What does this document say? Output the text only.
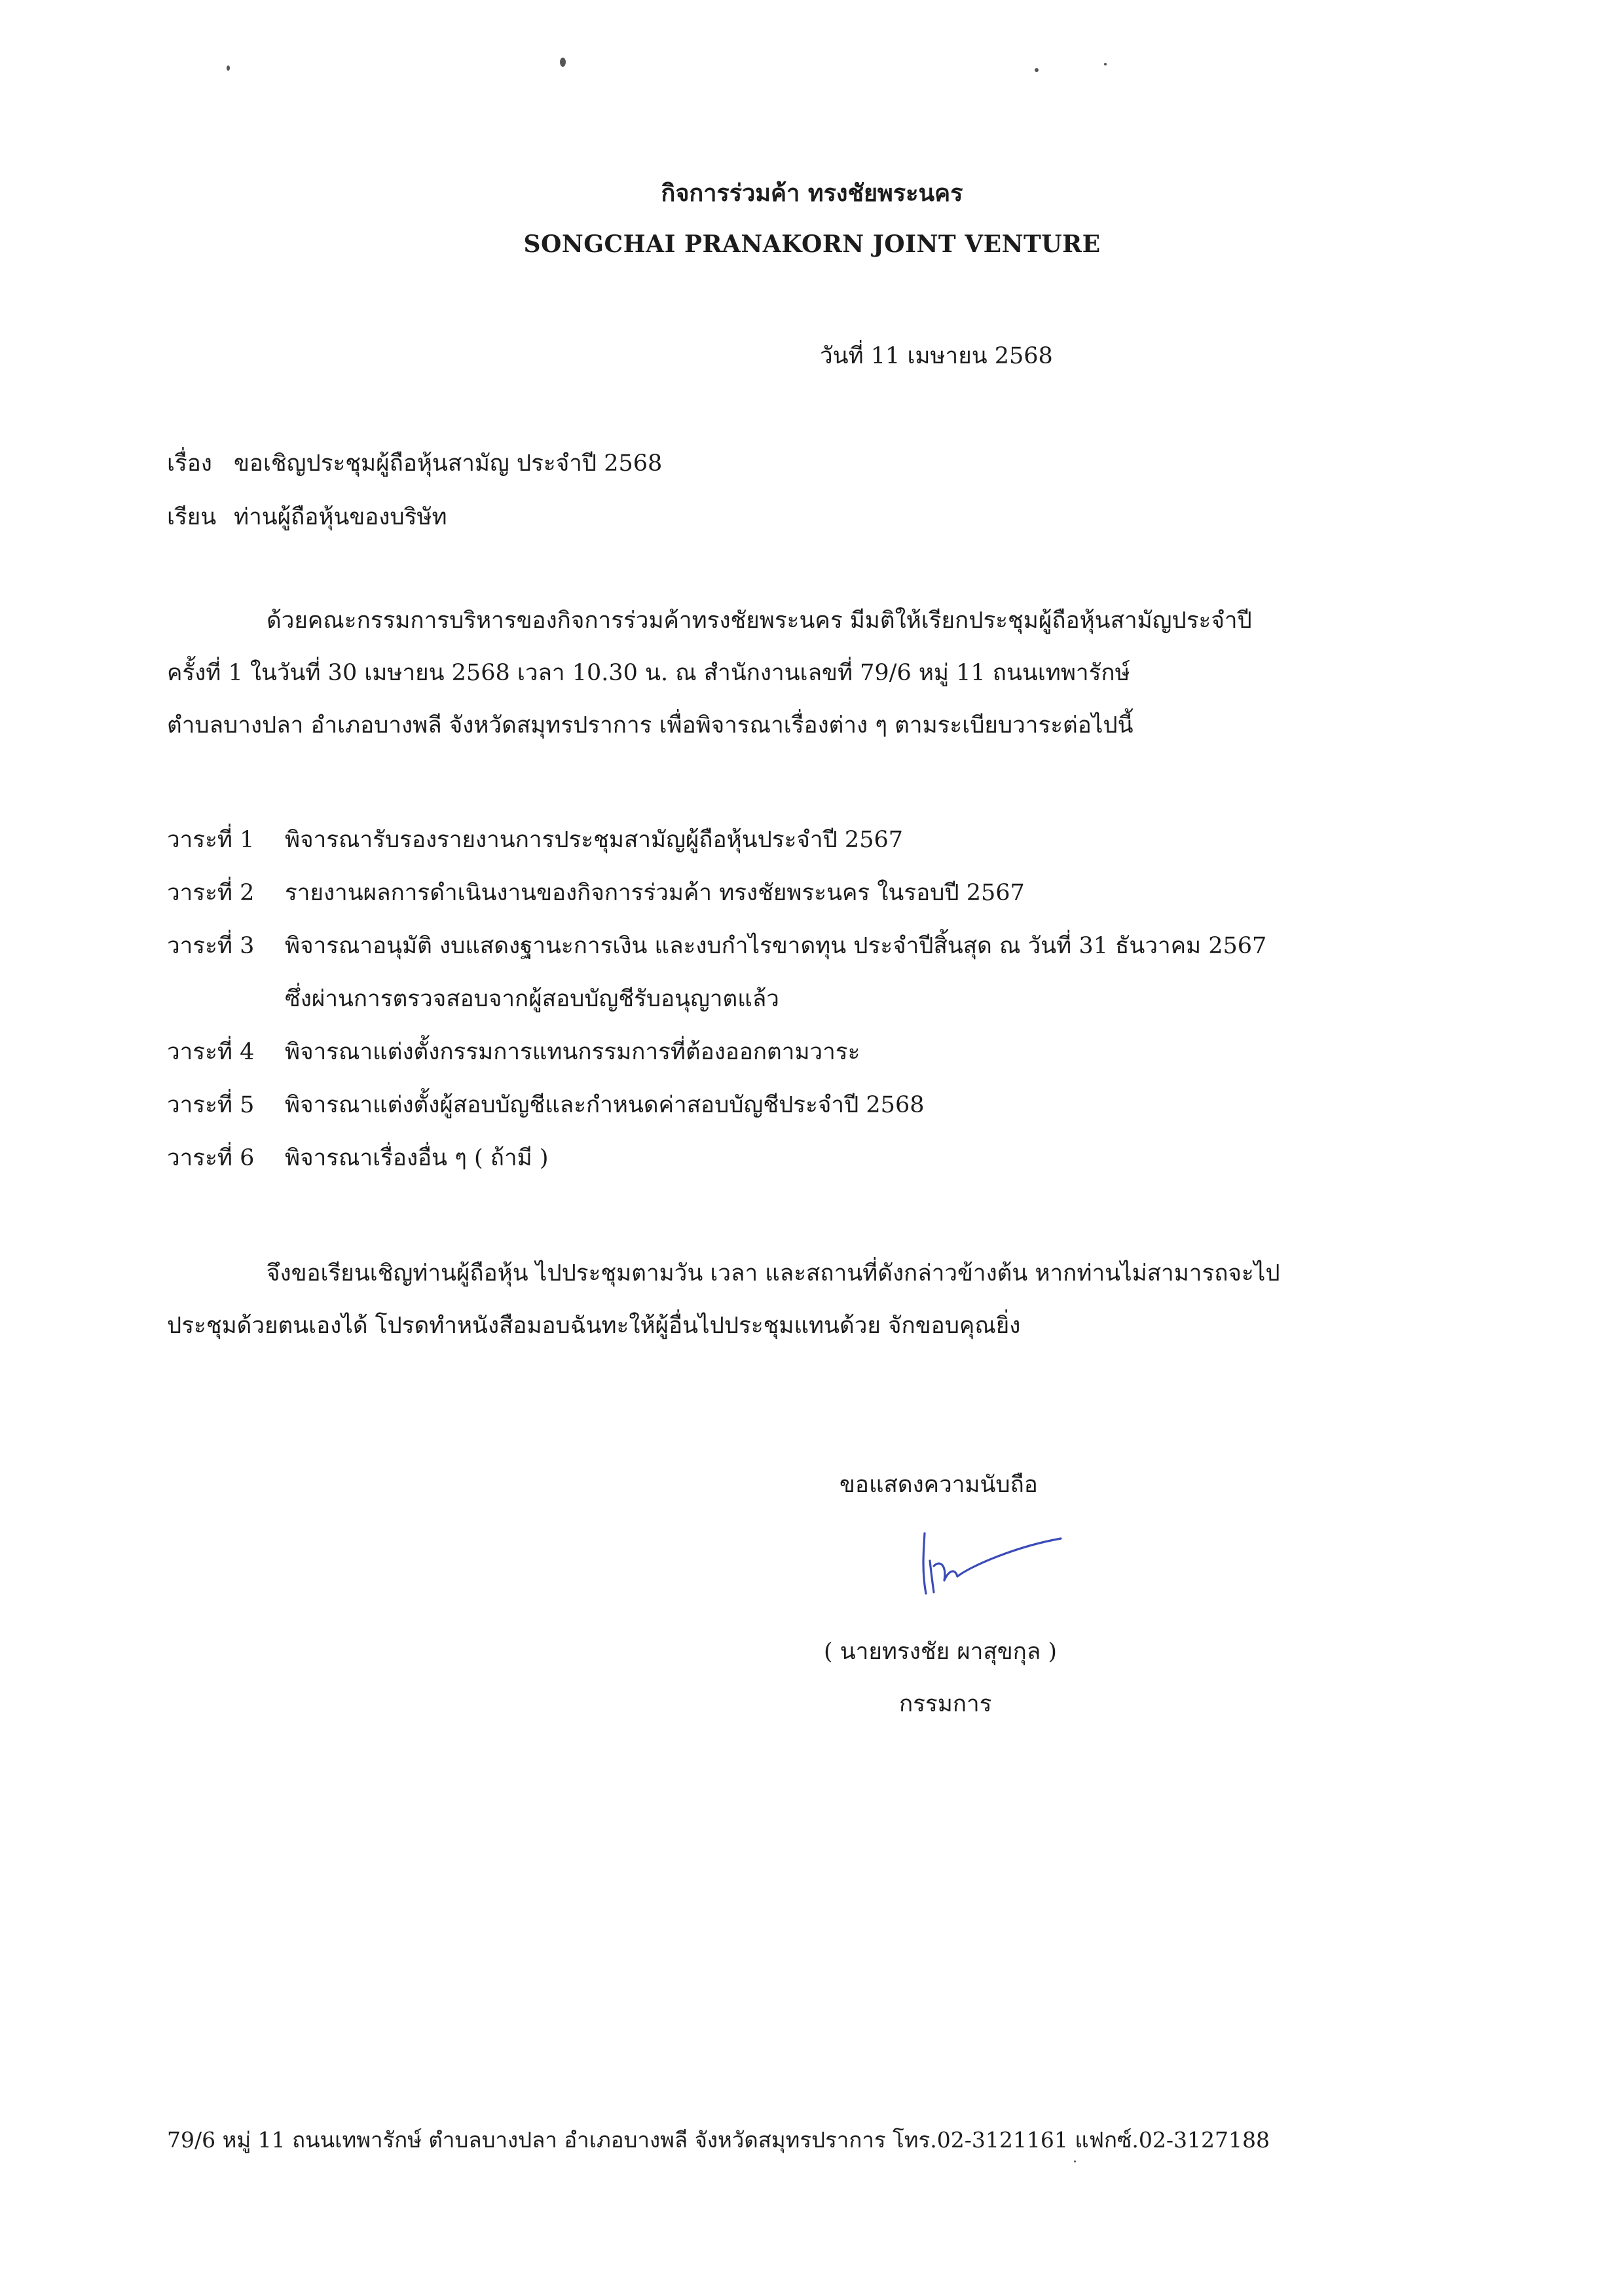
กิจการร่วมค้า ทรงชัยพระนคร
SONGCHAI PRANAKORN JOINT VENTURE
วันที่ 11 เมษายน 2568
เรื่อง ขอเชิญประชุมผู้ถือหุ้นสามัญ ประจำปี 2568
เรียน ท่านผู้ถือหุ้นของบริษัท
ด้วยคณะกรรมการบริหารของกิจการร่วมค้าทรงชัยพระนคร มีมติให้เรียกประชุมผู้ถือหุ้นสามัญประจำปี
ครั้งที่ 1 ในวันที่ 30 เมษายน 2568 เวลา 10.30 น. ณ สำนักงานเลขที่ 79/6 หมู่ 11 ถนนเทพารักษ์
ตำบลบางปลา อำเภอบางพลี จังหวัดสมุทรปราการ เพื่อพิจารณาเรื่องต่าง ๆ ตามระเบียบวาระต่อไปนี้
วาระที่ 1 พิจารณารับรองรายงานการประชุมสามัญผู้ถือหุ้นประจำปี 2567
วาระที่ 2 รายงานผลการดำเนินงานของกิจการร่วมค้า ทรงชัยพระนคร ในรอบปี 2567
วาระที่ 3 พิจารณาอนุมัติ งบแสดงฐานะการเงิน และงบกำไรขาดทุน ประจำปีสิ้นสุด ณ วันที่ 31 ธันวาคม 2567
ซึ่งผ่านการตรวจสอบจากผู้สอบบัญชีรับอนุญาตแล้ว
วาระที่ 4 พิจารณาแต่งตั้งกรรมการแทนกรรมการที่ต้องออกตามวาระ
วาระที่ 5 พิจารณาแต่งตั้งผู้สอบบัญชีและกำหนดค่าสอบบัญชีประจำปี 2568
วาระที่ 6 พิจารณาเรื่องอื่น ๆ ( ถ้ามี )
จึงขอเรียนเชิญท่านผู้ถือหุ้น ไปประชุมตามวัน เวลา และสถานที่ดังกล่าวข้างต้น หากท่านไม่สามารถจะไป
ประชุมด้วยตนเองได้ โปรดทำหนังสือมอบฉันทะให้ผู้อื่นไปประชุมแทนด้วย จักขอบคุณยิ่ง
ขอแสดงความนับถือ
( นายทรงชัย ผาสุขกุล )
กรรมการ
79/6 หมู่ 11 ถนนเทพารักษ์ ตำบลบางปลา อำเภอบางพลี จังหวัดสมุทรปราการ โทร.02-3121161 แฟกซ์.02-3127188
